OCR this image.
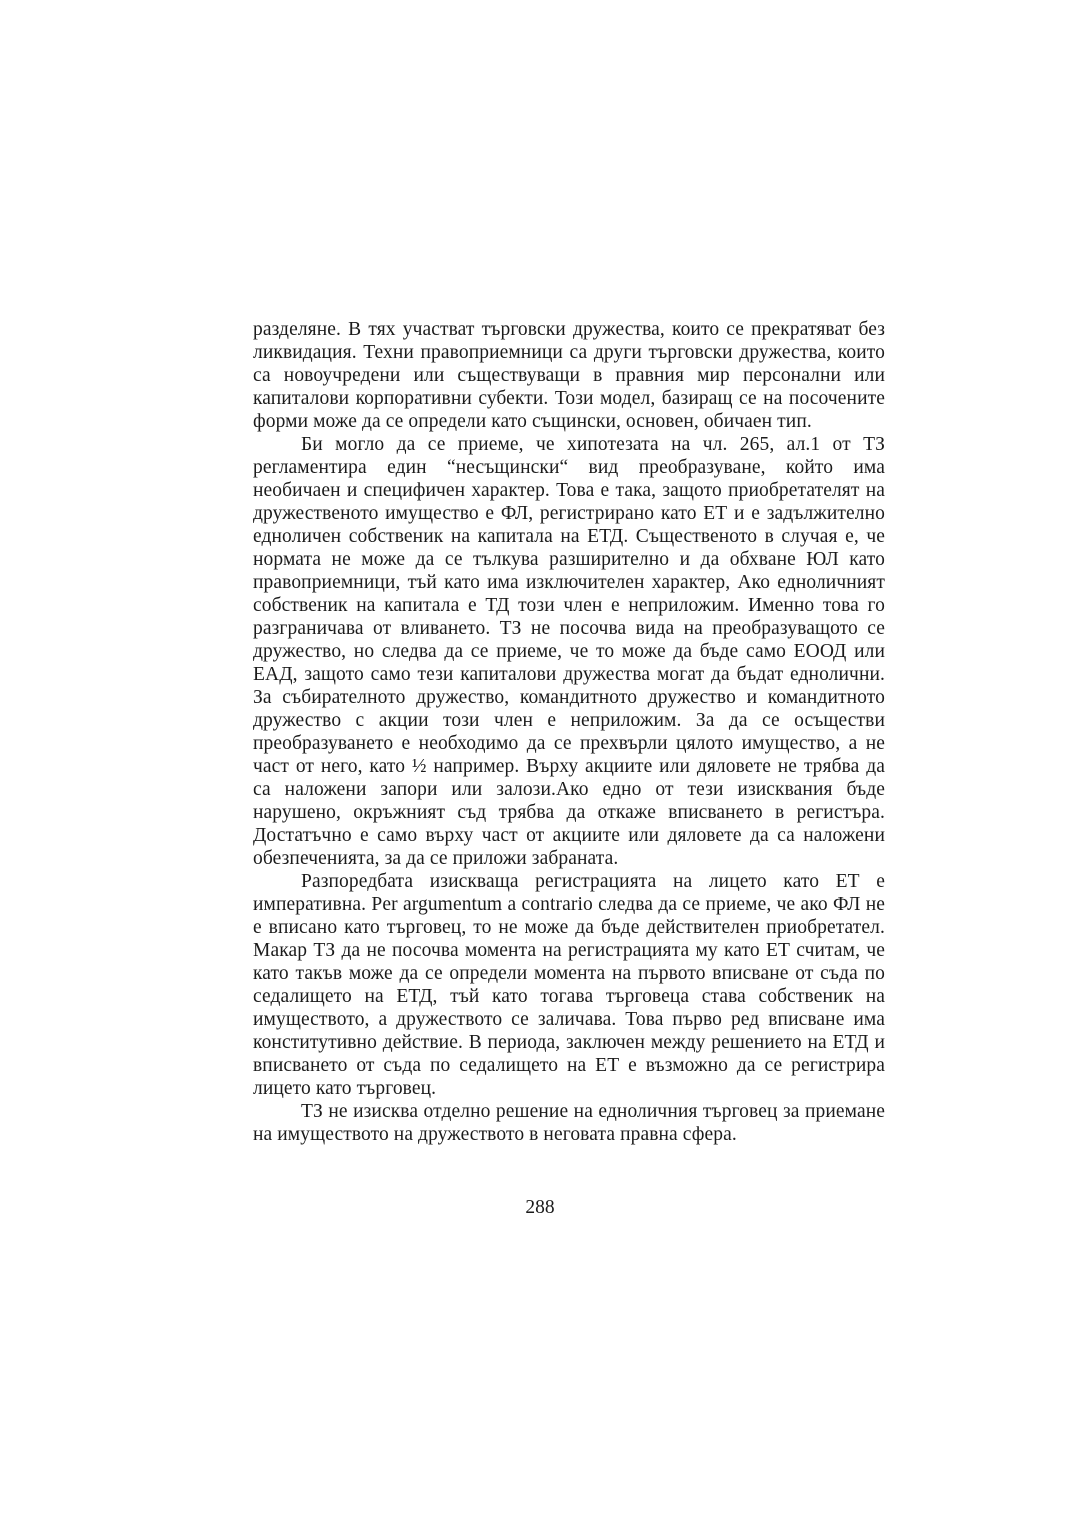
разделяне. В тях участват търговски дружества, които се прекратяват без ликвидация. Техни правоприемници са други търговски дружества, които са новоучредени или съществуващи в правния мир персонални или капиталови корпоративни субекти. Този модел, базиращ се на посочените форми може да се определи като същински, основен, обичаен тип.

Би могло да се приеме, че хипотезата на чл. 265, ал.1 от ТЗ регламентира един “несъщински“ вид преобразуване, който има необичаен и специфичен характер. Това е така, защото приобретателят на дружественото имущество е ФЛ, регистрирано като ЕТ и е задължително едноличен собственик на капитала на ЕТД. Същественото в случая е, че нормата не може да се тълкува разширително и да обхване ЮЛ като правоприемници, тъй като има изключителен характер, Ако едноличният собственик на капитала е ТД този член е неприложим. Именно това го разграничава от вливането. ТЗ не посочва вида на преобразуващото се дружество, но следва да се приеме, че то може да бъде само ЕООД или ЕАД, защото само тези капиталови дружества могат да бъдат еднолични. За събирателното дружество, командитното дружество и командитното дружество с акции този член е неприложим. За да се осъществи преобразуването е необходимо да се прехвърли цялото имущество, а не част от него, като ½ например. Върху акциите или дяловете не трябва да са наложени запори или залози.Ако едно от тези изисквания бъде нарушено, окръжният съд трябва да откаже вписването в регистъра. Достатъчно е само върху част от акциите или дяловете да са наложени обезпеченията, за да се приложи забраната.

Разпоредбата изискваща регистрацията на лицето като ЕТ е императивна. Per argumentum a contrario следва да се приеме, че ако ФЛ не е вписано като търговец, то не може да бъде действителен приобретател. Макар ТЗ да не посочва момента на регистрацията му като ЕТ считам, че като такъв може да се определи момента на първото вписване от съда по седалището на ЕТД, тъй като тогава търговеца става собственик на имуществото, а дружеството се заличава. Това първо ред вписване има конститутивно действие. В периода, заключен между решението на ЕТД и вписването от съда по седалището на ЕТ е възможно да се регистрира лицето като търговец.

ТЗ не изисква отделно решение на едноличния търговец за приемане на имуществото на дружеството в неговата правна сфера.

288
